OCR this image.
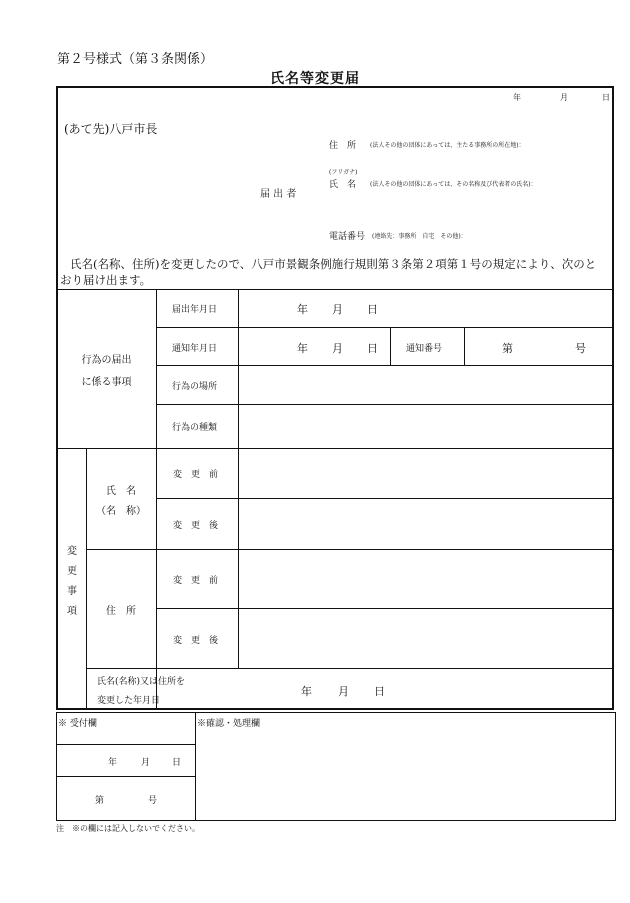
第２号様式（第３条関係）
氏名等変更届
年	月	日
(あて先)八戸市長
住　所 (法人その他の団体にあっては、主たる事務所の所在地)：
(フリガナ)
氏　名 (法人その他の団体にあっては、その名称及び代表者の氏名)：
届 出 者
電話番号 (連絡先：事務所　自宅　その他)：
氏名(名称、住所)を変更したので、八戸市景観条例施行規則第３条第２項第１号の規定により、次のと
おり届け出ます。
行為の届出
に係る事項
届出年月日	年 月 日
通知年月日	年 月 日	通知番号	第	号
行為の場所
行為の種類
変
更
事
項
氏　名
（名　称）
変　更　前
変　更　後
住　所
変　更　前
変　更　後
氏名(名称)又は住所を
変更した年月日
年 月 日
※ 受付欄
年	月 日
第	号
※確認・処理欄
注　※の欄には記入しないでください。
